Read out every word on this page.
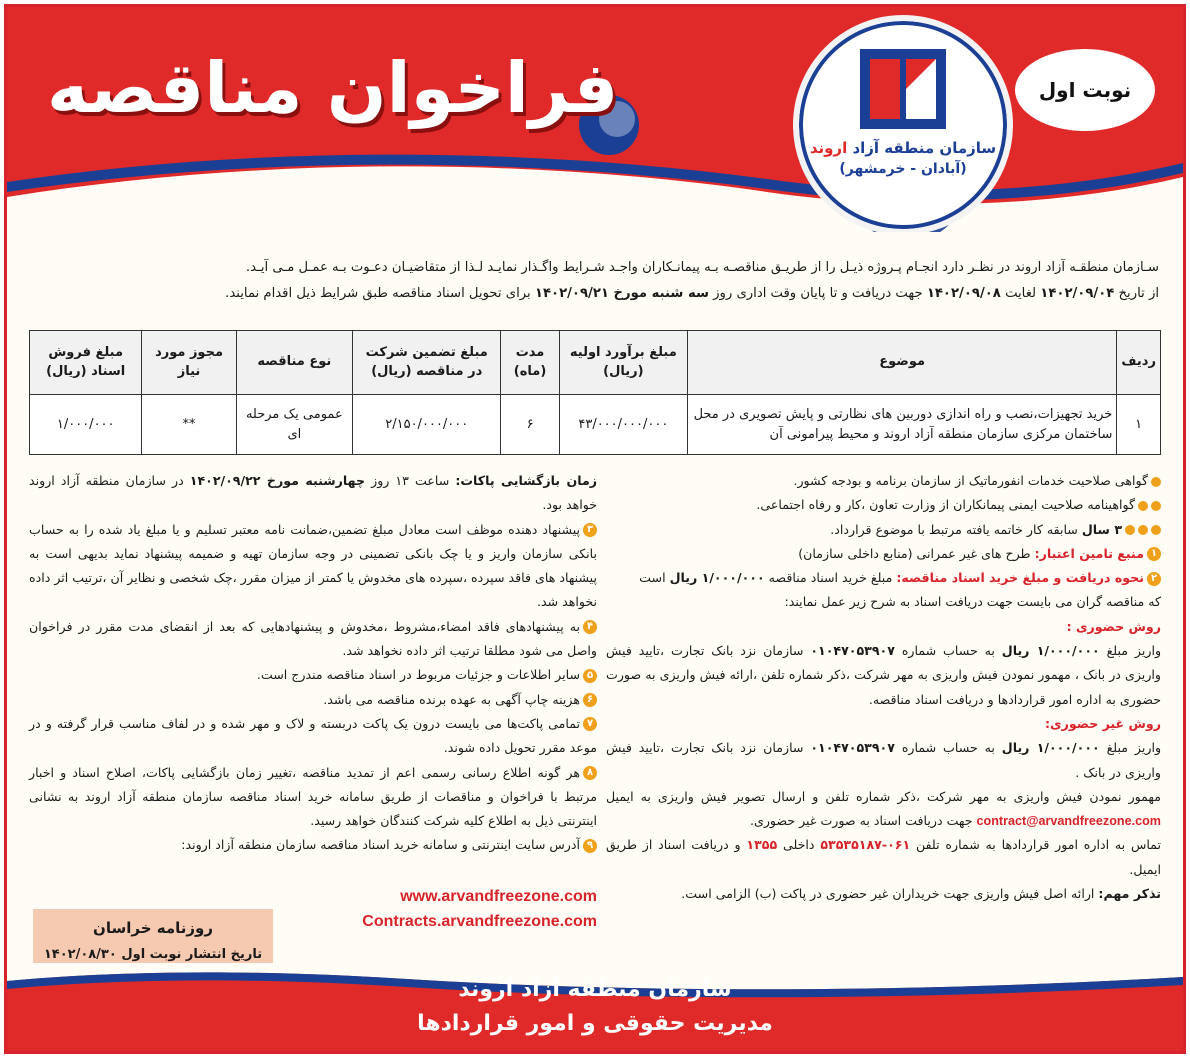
فراخوان مناقصه
سازمان منطقه آزاد اروند
(آبادان - خرمشهر)
نوبت اول
سـازمان منطقـه آزاد اروند در نظـر دارد انجـام پـروژه ذیـل را از طریـق مناقصـه بـه پیمانـکاران واجـد شـرایط واگـذار نمایـد لـذا از متقاضیـان دعـوت بـه عمـل مـی آیـد.
از تاریخ ۱۴۰۲/۰۹/۰۴ لغایت ۱۴۰۲/۰۹/۰۸ جهت دریافت و تا پایان وقت اداری روز سه شنبه مورخ ۱۴۰۲/۰۹/۲۱ برای تحویل اسناد مناقصه طبق شرایط ذیل اقدام نمایند.
ردیف	موضوع	مبلغ برآورد اولیه (ریال)	مدت (ماه)	مبلغ تضمین شرکت در مناقصه (ریال)	نوع مناقصه	مجوز مورد نیاز	مبلغ فروش اسناد (ریال)
۱	خرید تجهیزات،نصب و راه اندازی دوربین های نظارتی و پایش تصویری در محل ساختمان مرکزی سازمان منطقه آزاد اروند و محیط پیرامونی آن	۴۳/۰۰۰/۰۰۰/۰۰۰	۶	۲/۱۵۰/۰۰۰/۰۰۰	عمومی یک مرحله ای	**	۱/۰۰۰/۰۰۰
گواهی صلاحیت خدمات انفورماتیک از سازمان برنامه و بودجه کشور.
گواهینامه صلاحیت ایمنی پیمانکاران از وزارت تعاون ،کار و رفاه اجتماعی.
۳ سال سابقه کار خاتمه یافته مرتبط با موضوع قرارداد.
۱منبع تامین اعتبار: طرح های غیر عمرانی (منابع داخلی سازمان)
۲نحوه دریافت و مبلغ خرید اسناد مناقصه: مبلغ خرید اسناد مناقصه ۱/۰۰۰/۰۰۰ ریال است
که مناقصه گران می بایست جهت دریافت اسناد به شرح زیر عمل نمایند:
روش حضوری :
واریز مبلغ ۱/۰۰۰/۰۰۰ ریال به حساب شماره ۰۱۰۴۷۰۵۳۹۰۷ سازمان نزد بانک تجارت ،تایید فیش واریزی در بانک ، مهمور نمودن فیش واریزی به مهر شرکت ،ذکر شماره تلفن ،ارائه فیش واریزی به صورت حضوری به اداره امور قراردادها و دریافت اسناد مناقصه.
روش غیر حضوری:
واریز مبلغ ۱/۰۰۰/۰۰۰ ریال به حساب شماره ۰۱۰۴۷۰۵۳۹۰۷ سازمان نزد بانک تجارت ،تایید فیش واریزی در بانک .
مهمور نمودن فیش واریزی به مهر شرکت ،ذکر شماره تلفن و ارسال تصویر فیش واریزی به ایمیل contract@arvandfreezone.com جهت دریافت اسناد به صورت غیر حضوری.
تماس به اداره امور قراردادها به شماره تلفن ۰۶۱-۵۳۵۳۵۱۸۷ داخلی ۱۳۵۵ و دریافت اسناد از طریق ایمیل.
تذکر مهم: ارائه اصل فیش واریزی جهت خریداران غیر حضوری در پاکت (ب) الزامی است.
زمان بازگشایی پاکات: ساعت ۱۳ روز چهارشنبه مورخ ۱۴۰۲/۰۹/۲۲ در سازمان منطقه آزاد اروند خواهد بود.
۳پیشنهاد دهنده موظف است معادل مبلغ تضمین،ضمانت نامه معتبر تسلیم و یا مبلغ یاد شده را به حساب بانکی سازمان واریز و یا چک بانکی تضمینی در وجه سازمان تهیه و ضمیمه پیشنهاد نماید بدیهی است به پیشنهاد های فاقد سپرده ،سپرده های مخدوش یا کمتر از میزان مقرر ،چک شخصی و نظایر آن ،ترتیب اثر داده نخواهد شد.
۴به پیشنهادهای فاقد امضاء،مشروط ،مخدوش و پیشنهادهایی که بعد از انقضای مدت مقرر در فراخوان واصل می شود مطلقا ترتیب اثر داده نخواهد شد.
۵سایر اطلاعات و جزئیات مربوط در اسناد مناقصه مندرج است.
۶هزینه چاپ آگهی به عهده برنده مناقصه می باشد.
۷تمامی پاکت‌ها می بایست درون یک پاکت دربسته و لاک و مهر شده و در لفاف مناسب قرار گرفته و در موعد مقرر تحویل داده شوند.
۸هر گونه اطلاع رسانی رسمی اعم از تمدید مناقصه ،تغییر زمان بازگشایی پاکات، اصلاح اسناد و اخبار مرتبط با فراخوان و مناقصات از طریق سامانه خرید اسناد مناقصه سازمان منطقه آزاد اروند به نشانی اینترنتی ذیل به اطلاع کلیه شرکت کنندگان خواهد رسید.
۹آدرس سایت اینترنتی و سامانه خرید اسناد مناقصه سازمان منطقه آزاد اروند:
www.arvandfreezone.com
Contracts.arvandfreezone.com
روزنامه خراسان
تاریخ انتشار نوبت اول ۱۴۰۲/۰۸/۳۰
سازمان منطقه آزاد اروند
مدیریت حقوقی و امور قراردادها
